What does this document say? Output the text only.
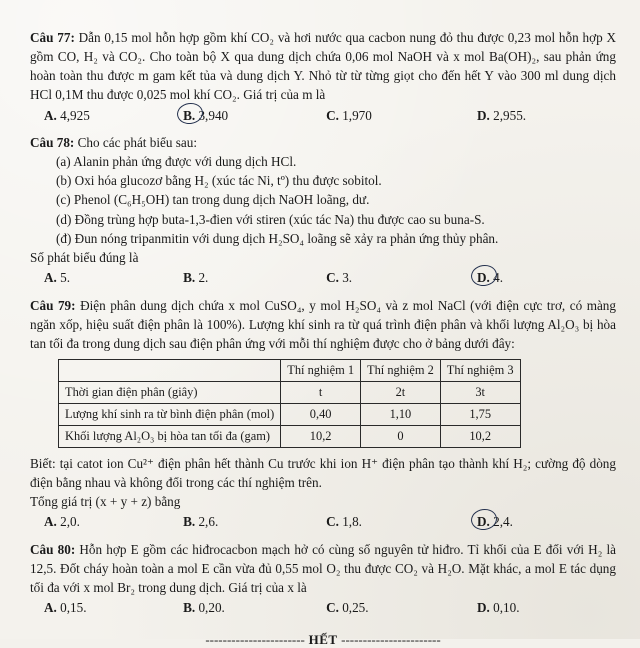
Câu 77: Dẫn 0,15 mol hỗn hợp gồm khí CO₂ và hơi nước qua cacbon nung đỏ thu được 0,23 mol hỗn hợp X gồm CO, H₂ và CO₂. Cho toàn bộ X qua dung dịch chứa 0,06 mol NaOH và x mol Ba(OH)₂, sau phản ứng hoàn toàn thu được m gam kết tủa và dung dịch Y. Nhỏ từ từ từng giọt cho đến hết Y vào 300 ml dung dịch HCl 0,1M thu được 0,025 mol khí CO₂. Giá trị của m là

A. 4,925	B. 3,940	C. 1,970	D. 2,955.

Câu 78: Cho các phát biểu sau:

(a) Alanin phản ứng được với dung dịch HCl.

(b) Oxi hóa glucozơ bằng H₂ (xúc tác Ni, tº) thu được sobitol.

(c) Phenol (C₆H₅OH) tan trong dung dịch NaOH loãng, dư.

(d) Đồng trùng hợp buta-1,3-đien với stiren (xúc tác Na) thu được cao su buna-S.

(đ) Đun nóng tripanmitin với dung dịch H₂SO₄ loãng sẽ xảy ra phản ứng thủy phân.

Số phát biểu đúng là

A. 5.	B. 2.	C. 3.	D. 4.

Câu 79: Điện phân dung dịch chứa x mol CuSO₄, y mol H₂SO₄ và z mol NaCl (với điện cực trơ, có màng ngăn xốp, hiệu suất điện phân là 100%). Lượng khí sinh ra từ quá trình điện phân và khối lượng Al₂O₃ bị hòa tan tối đa trong dung dịch sau điện phân ứng với mỗi thí nghiệm được cho ở bảng dưới đây:

	Thí nghiệm 1	Thí nghiệm 2	Thí nghiệm 3
Thời gian điện phân (giây)	t	2t	3t
Lượng khí sinh ra từ bình điện phân (mol)	0,40	1,10	1,75
Khối lượng Al₂O₃ bị hòa tan tối đa (gam)	10,2	0	10,2

Biết: tại catot ion Cu²⁺ điện phân hết thành Cu trước khi ion H⁺ điện phân tạo thành khí H₂; cường độ dòng điện bằng nhau và không đổi trong các thí nghiệm trên.

Tổng giá trị (x + y + z) bằng

A. 2,0.	B. 2,6.	C. 1,8.	D. 2,4.

Câu 80: Hỗn hợp E gồm các hiđrocacbon mạch hở có cùng số nguyên tử hiđro. Tỉ khối của E đối với H₂ là 12,5. Đốt cháy hoàn toàn a mol E cần vừa đủ 0,55 mol O₂ thu được CO₂ và H₂O. Mặt khác, a mol E tác dụng tối đa với x mol Br₂ trong dung dịch. Giá trị của x là

A. 0,15.	B. 0,20.	C. 0,25.	D. 0,10.
----------------------- HẾT -----------------------
